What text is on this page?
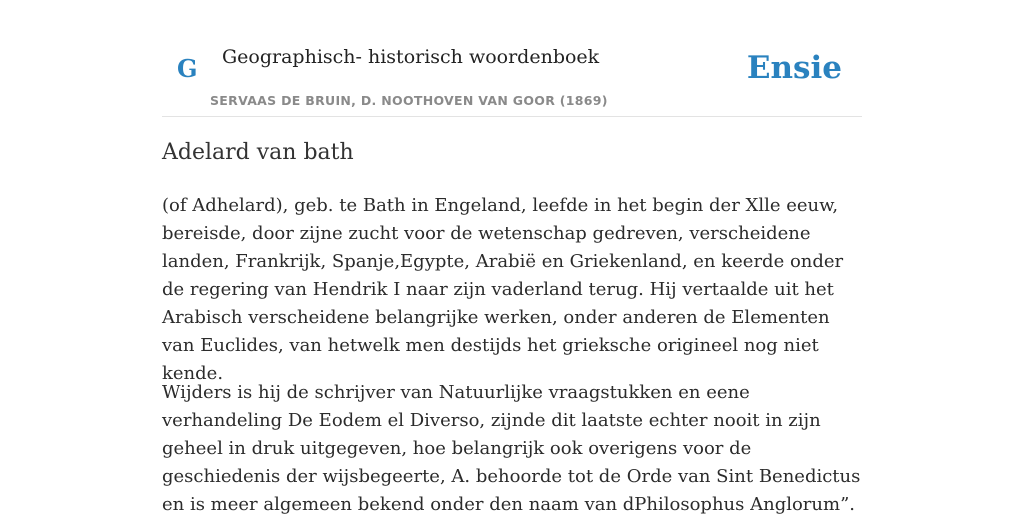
G Geographisch- historisch woordenboek
SERVAAS DE BRUIN, D. NOOTHOVEN VAN GOOR (1869)
Ensie
Adelard van bath

(of Adhelard), geb. te Bath in Engeland, leefde in het begin der Xlle eeuw, bereisde, door zijne zucht voor de wetenschap gedreven, verscheidene landen, Frankrijk, Spanje,Egypte, Arabië en Griekenland, en keerde onder de regering van Hendrik I naar zijn vaderland terug. Hij vertaalde uit het Arabisch verscheidene belangrijke werken, onder anderen de Elementen van Euclides, van hetwelk men destijds het grieksche origineel nog niet kende.

Wijders is hij de schrijver van Natuurlijke vraagstukken en eene verhandeling De Eodem el Diverso, zijnde dit laatste echter nooit in zijn geheel in druk uitgegeven, hoe belangrijk ook overigens voor de geschiedenis der wijsbegeerte, A. behoorde tot de Orde van Sint Benedictus en is meer algemeen bekend onder den naam van dPhilosophus Anglorum”.
